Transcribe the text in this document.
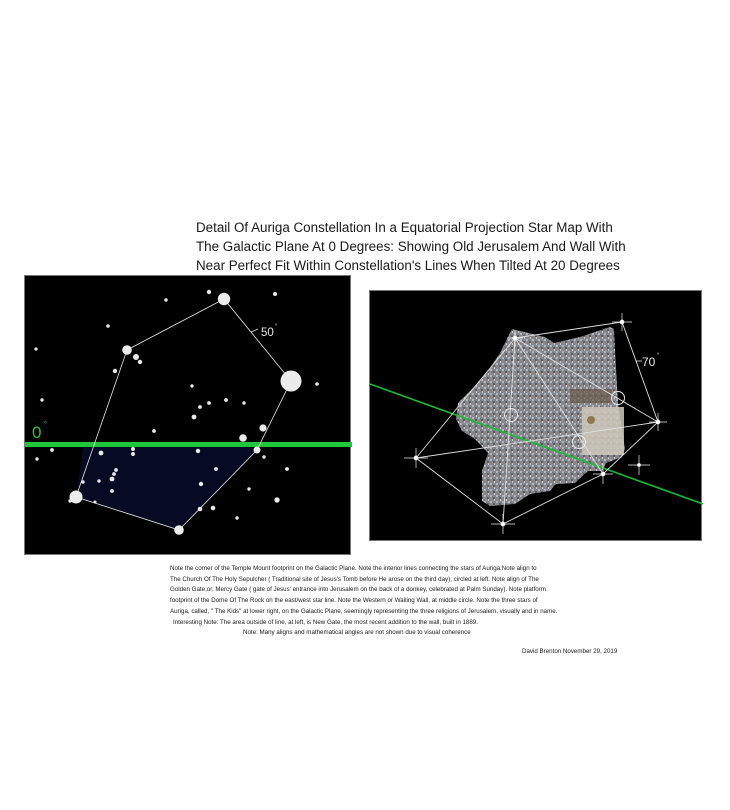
Detail Of Auriga Constellation In a Equatorial Projection Star Map With
The Galactic Plane At 0 Degrees: Showing Old Jerusalem And Wall With
Near Perfect Fit Within Constellation's Lines When Tilted At 20 Degrees
50 °
0 °
70 °
Note the corner of the Temple Mount footprint on the Galactic Plane. Note the interior lines connecting the stars of Auriga:Note align to
The Church Of The Holy Sepulcher ( Traditional site of Jesus's Tomb before He arose on the third day), circled at left. Note align of The
Golden Gate,or, Mercy Gate ( gate of Jesus' entrance into Jerusalem on the back of a donkey, celebrated at Palm Sunday). Note platform
footprint of the Dome Of The Rock on the east/west star line. Note the Western or Wailing Wall, at middle circle. Note the three stars of
Auriga, called, " The Kids" at lower right, on the Galactic Plane, seemingly representing the three religions of Jerusalem, visually and in name.
Interesting Note: The area outside of line, at left, is New Gate, the most recent addition to the wall, built in 1889.
Note: Many aligns and mathematical angles are not shown due to visual coherence
David Brenton November 29, 2019
